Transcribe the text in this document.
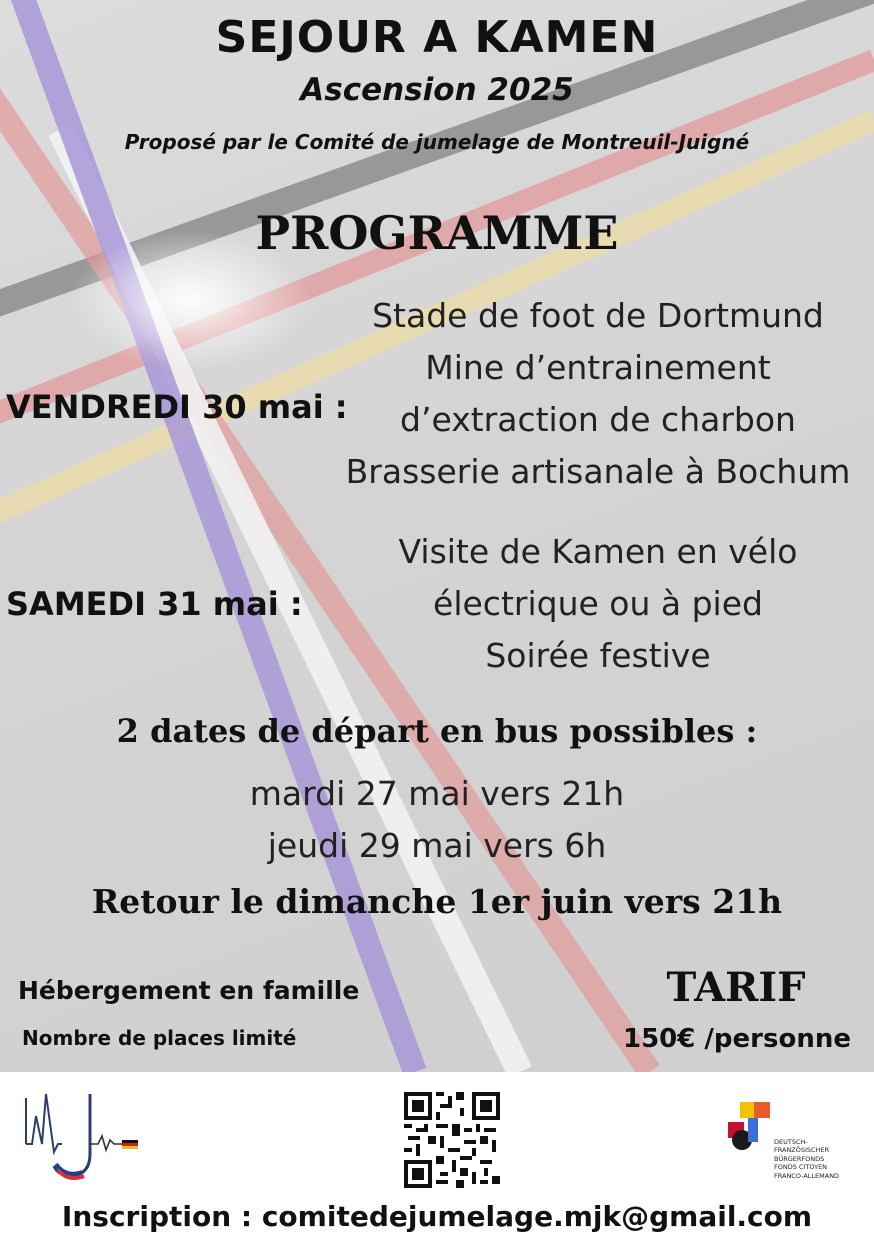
SEJOUR A KAMEN
Ascension 2025
Proposé par le Comité de jumelage de Montreuil-Juigné
PROGRAMME
VENDREDI 30 mai :
Stade de foot de Dortmund
Mine d’entrainement
d’extraction de charbon
Brasserie artisanale à Bochum
SAMEDI 31 mai :
Visite de Kamen en vélo
électrique ou à pied
Soirée festive
2 dates de départ en bus possibles :
mardi 27 mai vers 21h
jeudi 29 mai vers 6h
Retour le dimanche 1er juin vers 21h
Hébergement en famille
Nombre de places limité
TARIF
150€ /personne
DEUTSCH-
FRANZÖSISCHER
BÜRGERFONDS
FONDS CITOYEN
FRANCO-ALLEMAND
Inscription : comitedejumelage.mjk@gmail.com
